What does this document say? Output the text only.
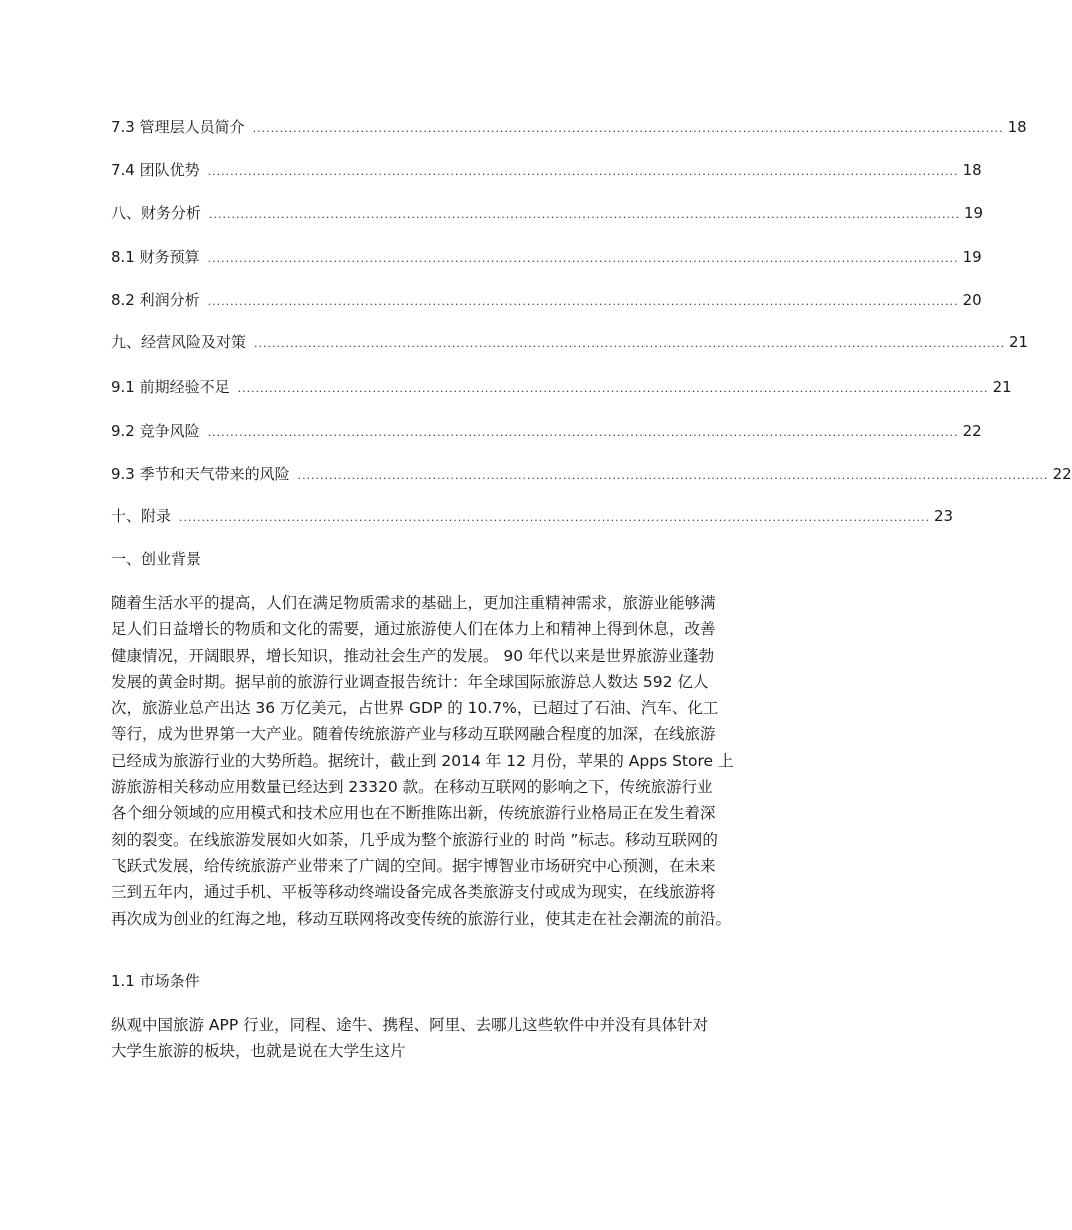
7.3 管理层人员简介 ....................................................................................................................................................................... 18
7.4 团队优势 ....................................................................................................................................................................... 18
八、财务分析 ....................................................................................................................................................................... 19
8.1 财务预算 ....................................................................................................................................................................... 19
8.2 利润分析 ....................................................................................................................................................................... 20
九、经营风险及对策 ....................................................................................................................................................................... 21
9.1 前期经验不足 ....................................................................................................................................................................... 21
9.2 竞争风险 ....................................................................................................................................................................... 22
9.3 季节和天气带来的风险 ....................................................................................................................................................................... 22
十、附录 ....................................................................................................................................................................... 23
一、创业背景
随着生活水平的提高，人们在满足物质需求的基础上，更加注重精神需求，旅游业能够满
足人们日益增长的物质和文化的需要，通过旅游使人们在体力上和精神上得到休息，改善
健康情况，开阔眼界，增长知识，推动社会生产的发展。 90 年代以来是世界旅游业蓬勃
发展的黄金时期。据早前的旅游行业调查报告统计：年全球国际旅游总人数达 592 亿人
次，旅游业总产出达 36 万亿美元，占世界 GDP 的 10.7%，已超过了石油、汽车、化工
等行，成为世界第一大产业。随着传统旅游产业与移动互联网融合程度的加深，在线旅游
已经成为旅游行业的大势所趋。据统计，截止到 2014 年 12 月份，苹果的 Apps Store 上
游旅游相关移动应用数量已经达到 23320 款。在移动互联网的影响之下，传统旅游行业
各个细分领域的应用模式和技术应用也在不断推陈出新，传统旅游行业格局正在发生着深
刻的裂变。在线旅游发展如火如荼，几乎成为整个旅游行业的 时尚 ”标志。移动互联网的
飞跃式发展，给传统旅游产业带来了广阔的空间。据宇博智业市场研究中心预测，在未来
三到五年内，通过手机、平板等移动终端设备完成各类旅游支付或成为现实，在线旅游将
再次成为创业的红海之地，移动互联网将改变传统的旅游行业，使其走在社会潮流的前沿。
1.1 市场条件
纵观中国旅游 APP 行业，同程、途牛、携程、阿里、去哪儿这些软件中并没有具体针对
大学生旅游的板块，也就是说在大学生这片
